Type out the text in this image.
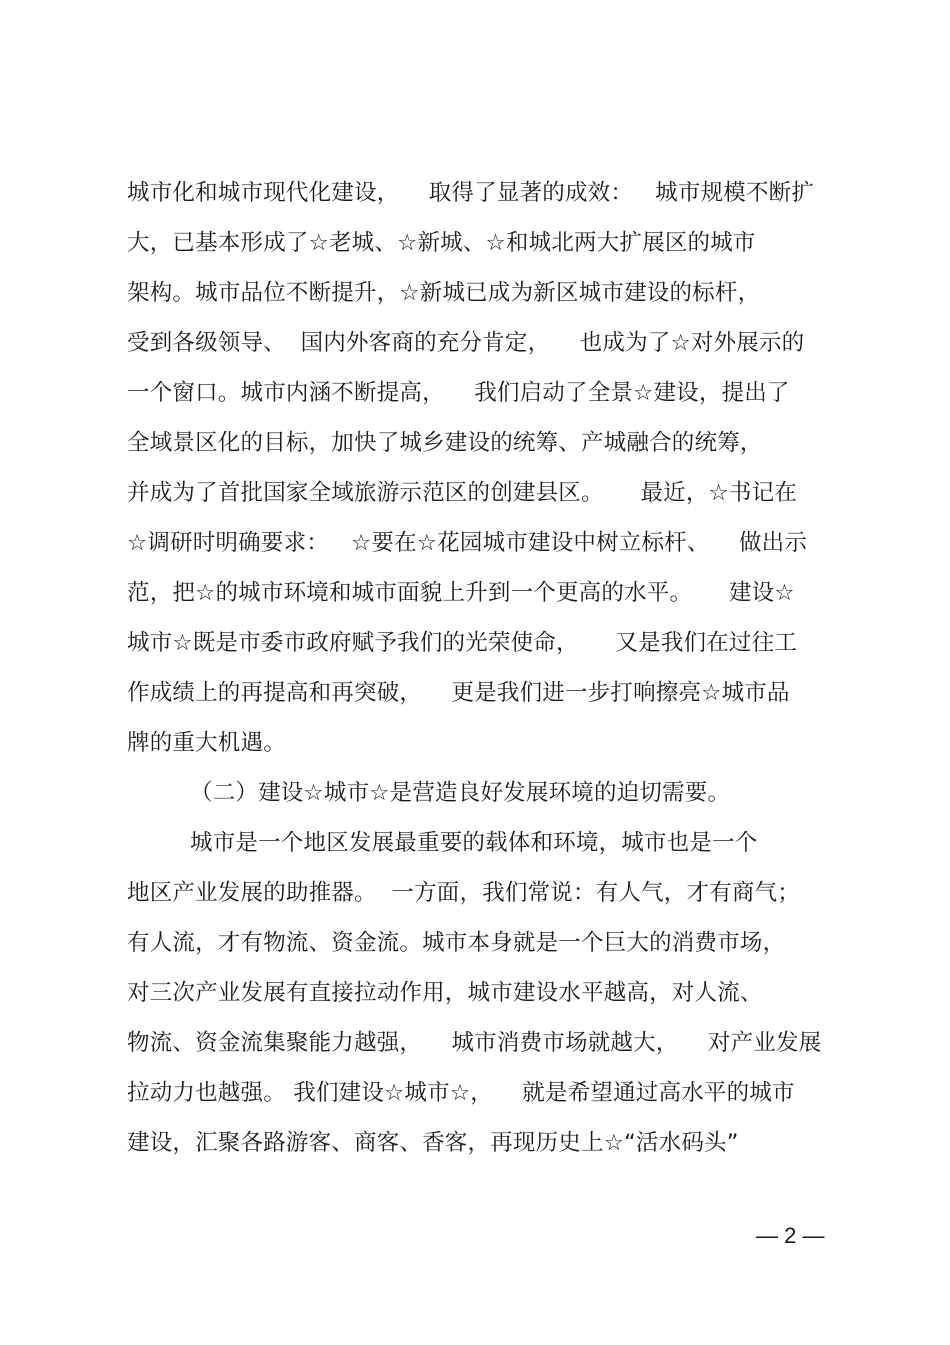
城市化和城市现代化建设，    取得了显著的成效：   城市规模不断扩
大，已基本形成了☆老城、☆新城、☆和城北两大扩展区的城市
架构。城市品位不断提升，☆新城已成为新区城市建设的标杆，
受到各级领导、  国内外客商的充分肯定，    也成为了☆对外展示的
一个窗口。城市内涵不断提高，    我们启动了全景☆建设，提出了
全域景区化的目标，加快了城乡建设的统筹、产城融合的统筹，
并成为了首批国家全域旅游示范区的创建县区。     最近，☆书记在
☆调研时明确要求：   ☆要在☆花园城市建设中树立标杆、    做出示
范，把☆的城市环境和城市面貌上升到一个更高的水平。     建设☆
城市☆既是市委市政府赋予我们的光荣使命，     又是我们在过往工
作成绩上的再提高和再突破，    更是我们进一步打响擦亮☆城市品
牌的重大机遇。
（二）建设☆城市☆是营造良好发展环境的迫切需要。
城市是一个地区发展最重要的载体和环境，城市也是一个
地区产业发展的助推器。  一方面，我们常说：有人气，才有商气；
有人流，才有物流、资金流。城市本身就是一个巨大的消费市场，
对三次产业发展有直接拉动作用，城市建设水平越高，对人流、
物流、资金流集聚能力越强，    城市消费市场就越大，    对产业发展
拉动力也越强。 我们建设☆城市☆，    就是希望通过高水平的城市
建设，汇聚各路游客、商客、香客，再现历史上☆“活水码头”
— 2 —
